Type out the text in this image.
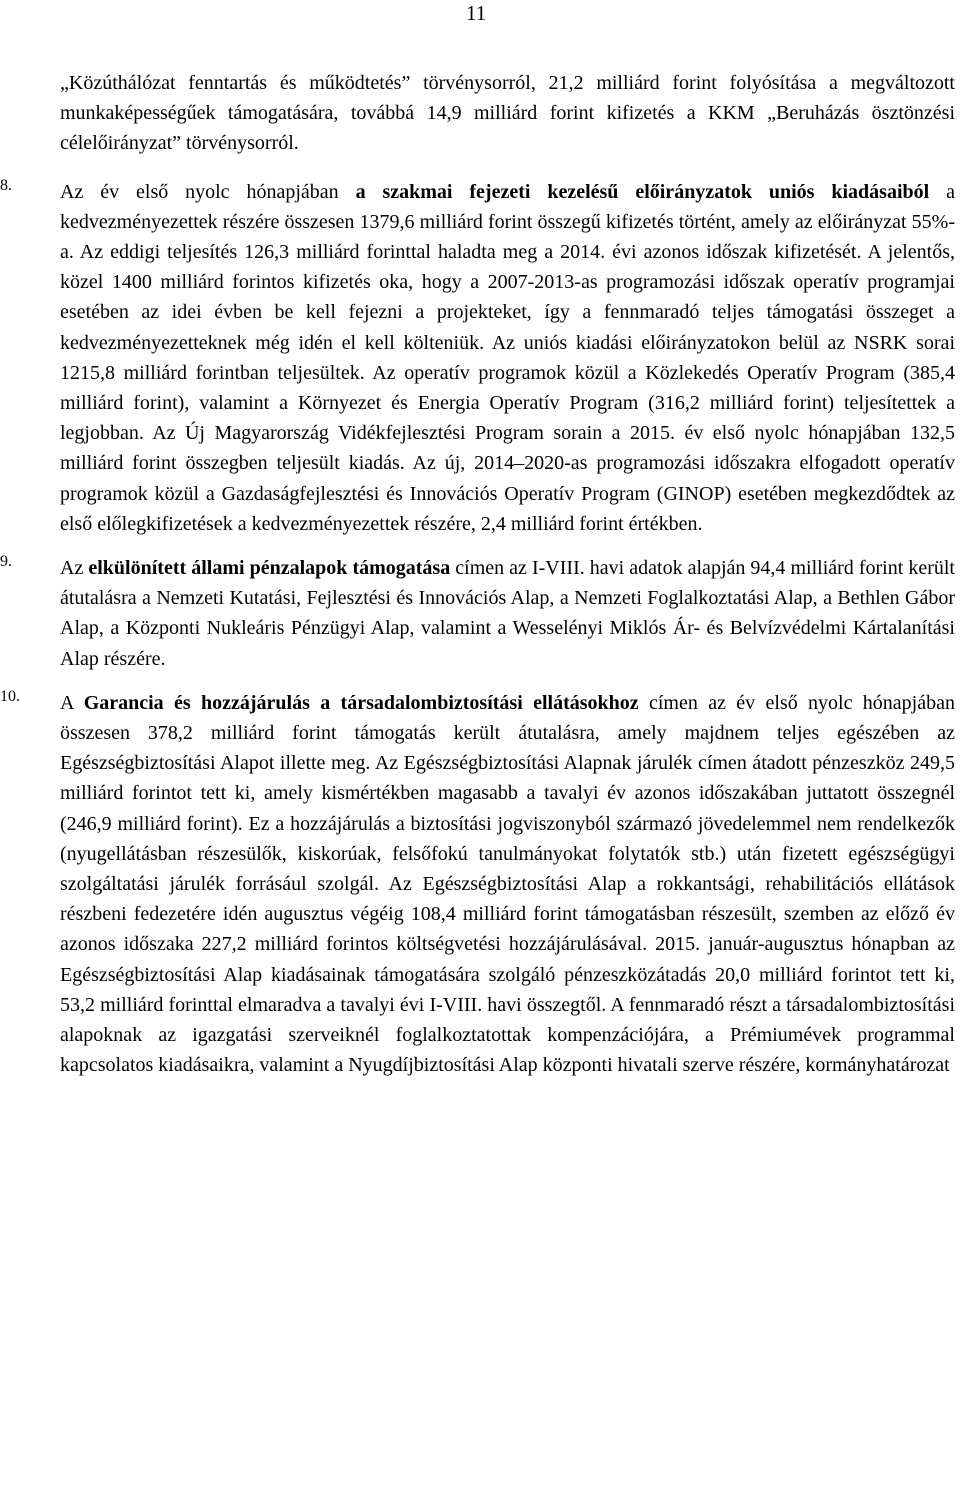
11

„Közúthálózat fenntartás és működtetés” törvénysorról, 21,2 milliárd forint folyósítása a megváltozott munkaképességűek támogatására, továbbá 14,9 milliárd forint kifizetés a KKM „Beruházás ösztönzési célelőirányzat” törvénysorról.

8. Az év első nyolc hónapjában a szakmai fejezeti kezelésű előirányzatok uniós kiadásaiból a kedvezményezettek részére összesen 1379,6 milliárd forint összegű kifizetés történt, amely az előirányzat 55%-a. Az eddigi teljesítés 126,3 milliárd forinttal haladta meg a 2014. évi azonos időszak kifizetését. A jelentős, közel 1400 milliárd forintos kifizetés oka, hogy a 2007-2013-as programozási időszak operatív programjai esetében az idei évben be kell fejezni a projekteket, így a fennmaradó teljes támogatási összeget a kedvezményezetteknek még idén el kell költeniük. Az uniós kiadási előirányzatokon belül az NSRK sorai 1215,8 milliárd forintban teljesültek. Az operatív programok közül a Közlekedés Operatív Program (385,4 milliárd forint), valamint a Környezet és Energia Operatív Program (316,2 milliárd forint) teljesítettek a legjobban. Az Új Magyarország Vidékfejlesztési Program sorain a 2015. év első nyolc hónapjában 132,5 milliárd forint összegben teljesült kiadás. Az új, 2014–2020-as programozási időszakra elfogadott operatív programok közül a Gazdaságfejlesztési és Innovációs Operatív Program (GINOP) esetében megkezdődtek az első előlegkifizetések a kedvezményezettek részére, 2,4 milliárd forint értékben.

9. Az elkülönített állami pénzalapok támogatása címen az I-VIII. havi adatok alapján 94,4 milliárd forint került átutalásra a Nemzeti Kutatási, Fejlesztési és Innovációs Alap, a Nemzeti Foglalkoztatási Alap, a Bethlen Gábor Alap, a Központi Nukleáris Pénzügyi Alap, valamint a Wesselényi Miklós Ár- és Belvízvédelmi Kártalanítási Alap részére.

10. A Garancia és hozzájárulás a társadalombiztosítási ellátásokhoz címen az év első nyolc hónapjában összesen 378,2 milliárd forint támogatás került átutalásra, amely majdnem teljes egészében az Egészségbiztosítási Alapot illette meg. Az Egészségbiztosítási Alapnak járulék címen átadott pénzeszköz 249,5 milliárd forintot tett ki, amely kismértékben magasabb a tavalyi év azonos időszakában juttatott összegnél (246,9 milliárd forint). Ez a hozzájárulás a biztosítási jogviszonyból származó jövedelemmel nem rendelkezők (nyugellátásban részesülők, kiskorúak, felsőfokú tanulmányokat folytatók stb.) után fizetett egészségügyi szolgáltatási járulék forrásául szolgál. Az Egészségbiztosítási Alap a rokkantsági, rehabilitációs ellátások részbeni fedezetére idén augusztus végéig 108,4 milliárd forint támogatásban részesült, szemben az előző év azonos időszaka 227,2 milliárd forintos költségvetési hozzájárulásával. 2015. január-augusztus hónapban az Egészségbiztosítási Alap kiadásainak támogatására szolgáló pénzeszközátadás 20,0 milliárd forintot tett ki, 53,2 milliárd forinttal elmaradva a tavalyi évi I-VIII. havi összegtől. A fennmaradó részt a társadalombiztosítási alapoknak az igazgatási szerveiknél foglalkoztatottak kompenzációjára, a Prémiumévek programmal kapcsolatos kiadásaikra, valamint a Nyugdíjbiztosítási Alap központi hivatali szerve részére, kormányhatározat
